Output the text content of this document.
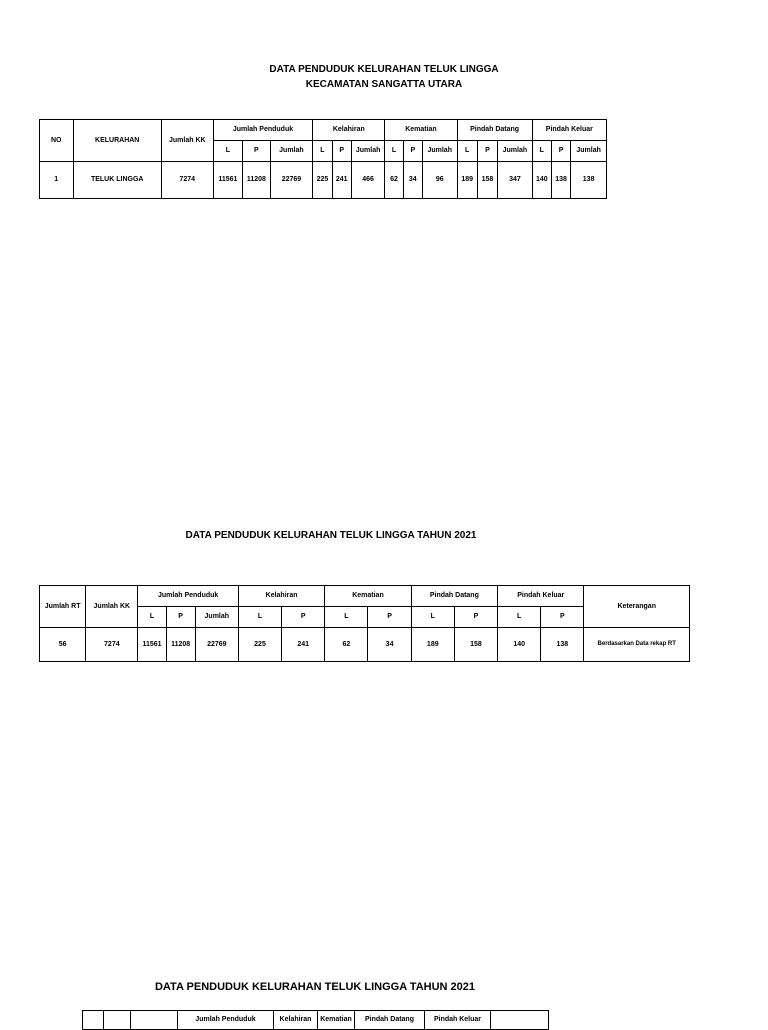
DATA PENDUDUK KELURAHAN TELUK LINGGA
KECAMATAN SANGATTA UTARA
NO	KELURAHAN	Jumlah KK	Jumlah Penduduk			Kelahiran			Kematian			Pindah Datang			Pindah Keluar		
			L	P	Jumlah	L	P	Jumlah	L	P	Jumlah	L	P	Jumlah	L	P	Jumlah
1	TELUK LINGGA	7274	11561	11208	22769	225	241	466	62	34	96	189	158	347	140	138	138
DATA PENDUDUK KELURAHAN TELUK LINGGA TAHUN 2021
Jumlah RT	Jumlah KK	Jumlah Penduduk			Kelahiran		Kematian		Pindah Datang		Pindah Keluar		Keterangan
		L	P	Jumlah	L	P	L	P	L	P	L	P	
56	7274	11561	11208	22769	225	241	62	34	189	158	140	138	Berdasarkan Data rekap RT
DATA PENDUDUK KELURAHAN TELUK LINGGA TAHUN 2021
			Jumlah Penduduk	Kelahiran	Kematian	Pindah Datang	Pindah Keluar	
